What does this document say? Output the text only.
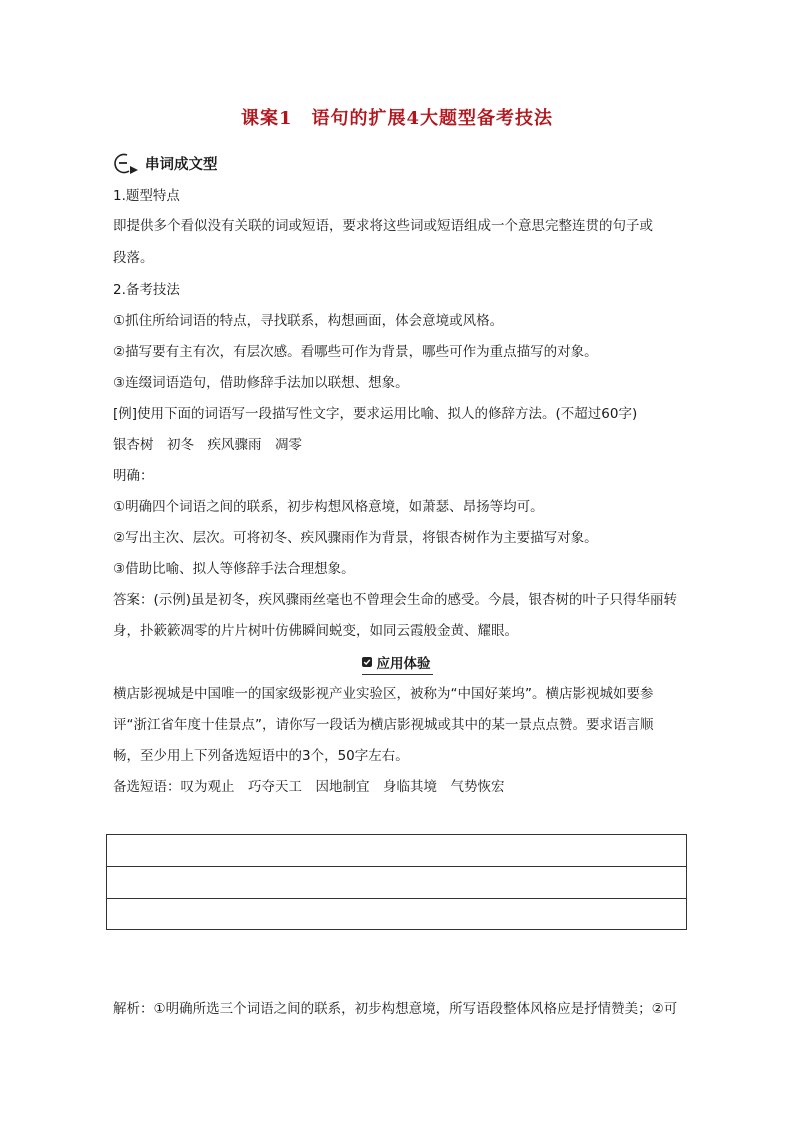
课案1　语句的扩展4大题型备考技法
串词成文型
1.题型特点
即提供多个看似没有关联的词或短语，要求将这些词或短语组成一个意思完整连贯的句子或
段落。
2.备考技法
①抓住所给词语的特点，寻找联系，构想画面，体会意境或风格。
②描写要有主有次，有层次感。看哪些可作为背景，哪些可作为重点描写的对象。
③连缀词语造句，借助修辞手法加以联想、想象。
[例]使用下面的词语写一段描写性文字，要求运用比喻、拟人的修辞方法。(不超过60字)
银杏树　初冬　疾风骤雨　凋零
明确：
①明确四个词语之间的联系，初步构想风格意境，如萧瑟、昂扬等均可。
②写出主次、层次。可将初冬、疾风骤雨作为背景，将银杏树作为主要描写对象。
③借助比喻、拟人等修辞手法合理想象。
答案：(示例)虽是初冬，疾风骤雨丝毫也不曾理会生命的感受。今晨，银杏树的叶子只得华丽转
身，扑簌簌凋零的片片树叶仿佛瞬间蜕变，如同云霞般金黄、耀眼。
应用体验
横店影视城是中国唯一的国家级影视产业实验区，被称为“中国好莱坞”。横店影视城如要参
评“浙江省年度十佳景点”，请你写一段话为横店影视城或其中的某一景点点赞。要求语言顺
畅，至少用上下列备选短语中的3个，50字左右。
备选短语：叹为观止　巧夺天工　因地制宜　身临其境　气势恢宏
解析：①明确所选三个词语之间的联系，初步构想意境，所写语段整体风格应是抒情赞美；②可
